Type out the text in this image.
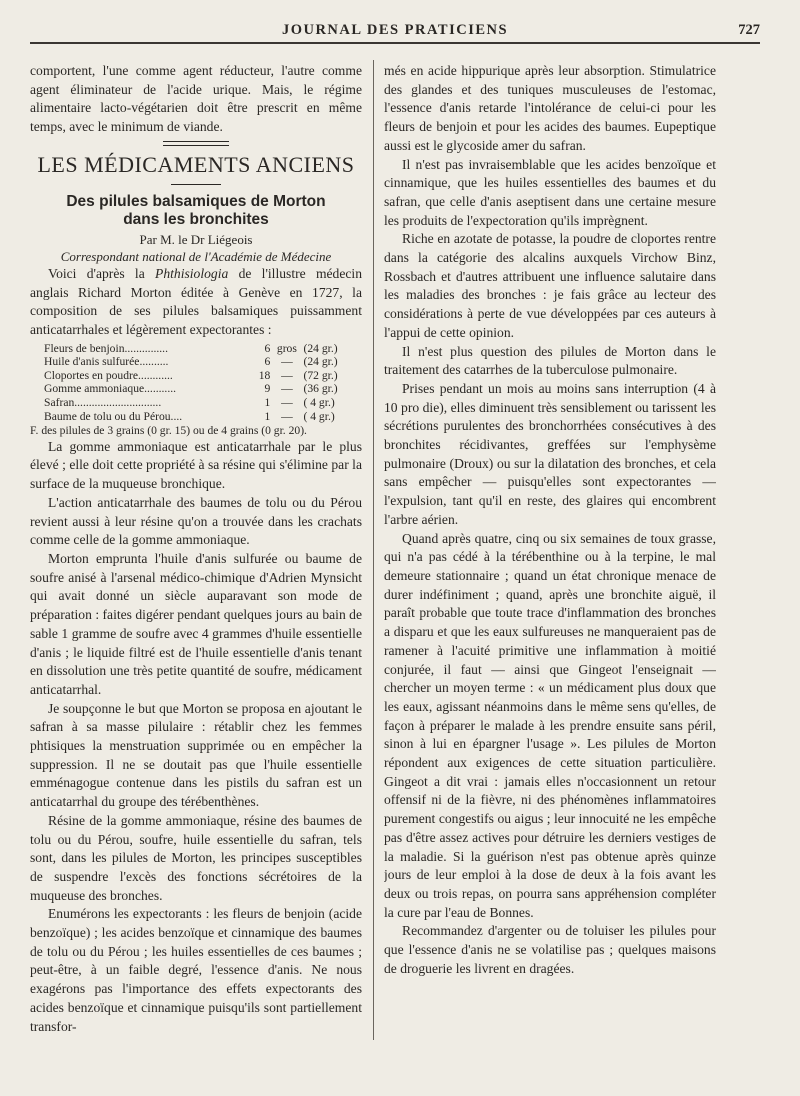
JOURNAL DES PRATICIENS	727

comportent, l'une comme agent réducteur, l'autre comme agent éliminateur de l'acide urique. Mais, le régime alimentaire lacto-végétarien doit être prescrit en même temps, avec le minimum de viande.

LES MÉDICAMENTS ANCIENS
Des pilules balsamiques de Morton
dans les bronchites
Par M. le Dr Liégeois
Correspondant national de l'Académie de Médecine

Voici d'après la Phthisiologia de l'illustre médecin anglais Richard Morton éditée à Genève en 1727, la composition de ses pilules balsamiques puissamment anticatarrhales et légèrement expectorantes :

Fleurs de benjoin...............	6 gros (24 gr.)
Huile d'anis sulfurée..........	6 — (24 gr.)
Cloportes en poudre............	18 — (72 gr.)
Gomme ammoniaque...........	9 — (36 gr.)
Safran..............................	1 — ( 4 gr.)
Baume de tolu ou du Pérou....	1 — ( 4 gr.)
F. des pilules de 3 grains (0 gr. 15) ou de 4 grains (0 gr. 20).

La gomme ammoniaque est anticatarrhale par le plus élevé ; elle doit cette propriété à sa résine qui s'élimine par la surface de la muqueuse bronchique.

L'action anticatarrhale des baumes de tolu ou du Pérou revient aussi à leur résine qu'on a trouvée dans les crachats comme celle de la gomme ammoniaque.

Morton emprunta l'huile d'anis sulfurée ou baume de soufre anisé à l'arsenal médico-chimique d'Adrien Mynsicht qui avait donné un siècle auparavant son mode de préparation : faites digérer pendant quelques jours au bain de sable 1 gramme de soufre avec 4 grammes d'huile essentielle d'anis ; le liquide filtré est de l'huile essentielle d'anis tenant en dissolution une très petite quantité de soufre, médicament anticatarrhal.

Je soupçonne le but que Morton se proposa en ajoutant le safran à sa masse pilulaire : rétablir chez les femmes phtisiques la menstruation supprimée ou en empêcher la suppression. Il ne se doutait pas que l'huile essentielle emménagogue contenue dans les pistils du safran est un anticatarrhal du groupe des térébenthènes.

Résine de la gomme ammoniaque, résine des baumes de tolu ou du Pérou, soufre, huile essentielle du safran, tels sont, dans les pilules de Morton, les principes susceptibles de suspendre l'excès des fonctions sécrétoires de la muqueuse des bronches.

Enumérons les expectorants : les fleurs de benjoin (acide benzoïque) ; les acides benzoïque et cinnamique des baumes de tolu ou du Pérou ; les huiles essentielles de ces baumes ; peut-être, à un faible degré, l'essence d'anis. Ne nous exagérons pas l'importance des effets expectorants des acides benzoïque et cinnamique puisqu'ils sont partiellement transfor-

més en acide hippurique après leur absorption. Stimulatrice des glandes et des tuniques musculeuses de l'estomac, l'essence d'anis retarde l'intolérance de celui-ci pour les fleurs de benjoin et pour les acides des baumes. Eupeptique aussi est le glycoside amer du safran.

Il n'est pas invraisemblable que les acides benzoïque et cinnamique, que les huiles essentielles des baumes et du safran, que celle d'anis aseptisent dans une certaine mesure les produits de l'expectoration qu'ils imprègnent.

Riche en azotate de potasse, la poudre de cloportes rentre dans la catégorie des alcalins auxquels Virchow Binz, Rossbach et d'autres attribuent une influence salutaire dans les maladies des bronches : je fais grâce au lecteur des considérations à perte de vue développées par ces auteurs à l'appui de cette opinion.

Il n'est plus question des pilules de Morton dans le traitement des catarrhes de la tuberculose pulmonaire.

Prises pendant un mois au moins sans interruption (4 à 10 pro die), elles diminuent très sensiblement ou tarissent les sécrétions purulentes des bronchorrhées consécutives à des bronchites récidivantes, greffées sur l'emphysème pulmonaire (Droux) ou sur la dilatation des bronches, et cela sans empêcher — puisqu'elles sont expectorantes — l'expulsion, tant qu'il en reste, des glaires qui encombrent l'arbre aérien.

Quand après quatre, cinq ou six semaines de toux grasse, qui n'a pas cédé à la térébenthine ou à la terpine, le mal demeure stationnaire ; quand un état chronique menace de durer indéfiniment ; quand, après une bronchite aiguë, il paraît probable que toute trace d'inflammation des bronches a disparu et que les eaux sulfureuses ne manqueraient pas de ramener à l'acuité primitive une inflammation à moitié conjurée, il faut — ainsi que Gingeot l'enseignait — chercher un moyen terme : « un médicament plus doux que les eaux, agissant néanmoins dans le même sens qu'elles, de façon à préparer le malade à les prendre ensuite sans péril, sinon à lui en épargner l'usage ». Les pilules de Morton répondent aux exigences de cette situation particulière. Gingeot a dit vrai : jamais elles n'occasionnent un retour offensif ni de la fièvre, ni des phénomènes inflammatoires purement congestifs ou aigus ; leur innocuité ne les empêche pas d'être assez actives pour détruire les derniers vestiges de la maladie. Si la guérison n'est pas obtenue après quinze jours de leur emploi à la dose de deux à la fois avant les deux ou trois repas, on pourra sans appréhension compléter la cure par l'eau de Bonnes.

Recommandez d'argenter ou de toluiser les pilules pour que l'essence d'anis ne se volatilise pas ; quelques maisons de droguerie les livrent en dragées.
